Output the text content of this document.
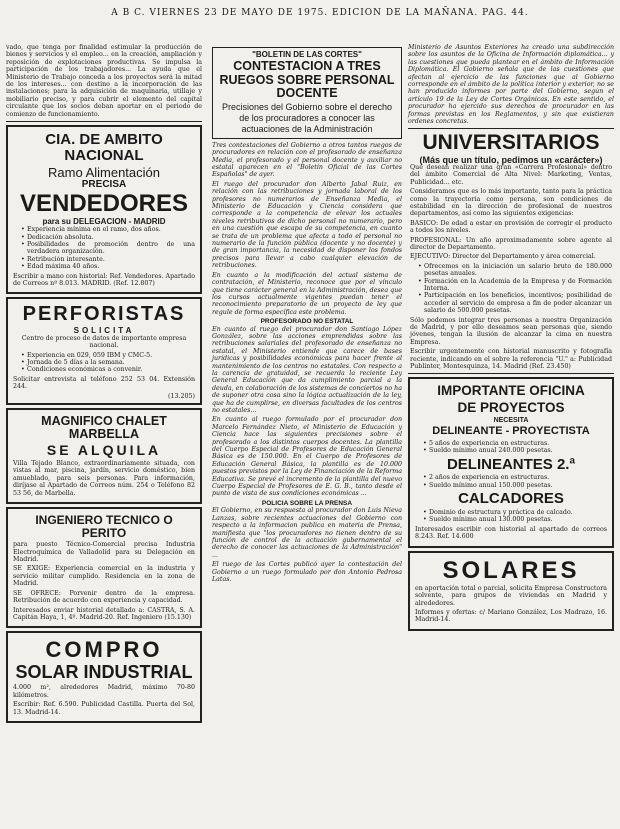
A B C. VIERNES 23 DE MAYO DE 1975. EDICION DE LA MAÑANA. PAG. 44.

vado, que tenga por finalidad estimular la producción de bienes y servicios y el empleo... en la creación, ampliación y reposición de explotaciones productivas. Se impulsa la participación de los trabajadores... La ayuda que el Ministerio de Trabajo conceda a los proyectos será la mitad de los intereses... con destino a la incorporación de las instalaciones; para la adquisición de maquinaria, utillaje y mobiliario preciso, y para cubrir el elemento del capital circulante que los socios deban aportar en el periodo de comienzo de funcionamiento.

CIA. DE AMBITO NACIONAL
Ramo Alimentación
PRECISA
VENDEDORES
para su DELEGACION - MADRID
• Experiencia mínima en el ramo, dos años.
• Dedicación absoluta.
• Posibilidades de promoción dentro de una verdadera organización.
• Retribución interesante.
• Edad máxima 40 años.

Escribir a mano con historial: Ref. Vendedores. Apartado de Correos nº 8.013. MADRID. (Ref. 12.807)

PERFORISTAS
SOLICITA

Centro de proceso de datos de importante empresa nacional.

• Experiencia en 029, 059 IBM y CMC-5.
• Jornada de 5 días a la semana.
• Condiciones económicas a convenir.

Solicitar entrevista al teléfono 252 53 04. Extensión 244.

(13.205)
MAGNIFICO CHALET MARBELLA
SE ALQUILA

Villa Tejado Blanco, extraordinariamente situada, con vistas al mar, piscina, jardín, servicio doméstico, bien amueblado, para seis personas. Para información, diríjase al Apartado de Correos núm. 254 o Teléfono 82 53 56, de Marbella.

INGENIERO TECNICO O PERITO

para puesto Técnico-Comercial precisa Industria Electroquímica de Valladolid para su Delegación en Madrid.

SE EXIGE: Experiencia comercial en la industria y servicio militar cumplido. Residencia en la zona de Madrid.

SE OFRECE: Porvenir dentro de la empresa. Retribución de acuerdo con experiencia y capacidad.

Interesados enviar historial detallado a: CASTRA, S. A. Capitán Haya, 1, 4º. Madrid-20. Ref. Ingeniero (15.130)

COMPRO
SOLAR INDUSTRIAL

4.000 m², alrededores Madrid, máximo 70-80 kilómetros.

Escribir: Ref. 6.590. Publicidad Castilla. Puerta del Sol, 13. Madrid-14.

"BOLETIN DE LAS CORTES"
CONTESTACION A TRES RUEGOS SOBRE PERSONAL DOCENTE
Precisiones del Gobierno sobre el derecho de los procuradores a conocer las actuaciones de la Administración

Tres contestaciones del Gobierno a otros tantos ruegos de procuradores en relación con el profesorado de enseñanza Media, el profesorado y el personal docente y auxiliar no estatal aparecen en el "Boletín Oficial de las Cortes Españolas" de ayer.

El ruego del procurador don Alberto Jabal Ruiz, en relación con las retribuciones y jornada laboral de los profesores no numerarios de Enseñanza Media, el Ministerio de Educación y Ciencia considera que corresponde a la competencia de elevar los actuales niveles retributivos de dicho personal no numerario, pero en una cuestión que escapa de su competencia, en cuanto se trata de un problema que afecta a todo el personal no numerario de la función pública (docente y no docente) y de gran importancia, la necesidad de disponer los fondos precisos para llevar a cabo cualquier elevación de retribuciones.

En cuanto a la modificación del actual sistema de contratación, el Ministerio, reconoce que por el vínculo que tiene carácter general en la Administración, desea que los cursos actualmente vigentes puedan tener el reconocimiento preparatorio de un proyecto de ley que regule de forma específica este problema.

PROFESORADO NO ESTATAL

En cuanto al ruego del procurador don Santiago López González, sobre las acciones emprendidas sobre las retribuciones salariales del profesorado de enseñanza no estatal, el Ministerio entiende que carece de bases jurídicas y posibilidades económicas para hacer frente al mantenimiento de los centros no estatales. Con respecto a la carencia de gratuidad, se recuerda la reciente Ley General Educación que da cumplimiento parcial a la deuda, en colaboración de los sistemas de conciertos no ha de suponer otra cosa sino la lógica actualización de la ley, que ha de cumplirse, en diversas facultades de los centros no estatales...

En cuanto al ruego formulado por el procurador don Marcelo Fernández Nieto, el Ministerio de Educación y Ciencia hace las siguientes precisiones sobre el profesorado a los distintos cuerpos docentes. La plantilla del Cuerpo Especial de Profesores de Educación General Básica es de 150.000. En el Cuerpo de Profesores de Educación General Básica, la plantilla es de 10.000 puestos previstos por la Ley de Financiación de la Reforma Educativa. Se prevé el incremento de la plantilla del nuevo Cuerpo Especial de Profesores de E. G. B., tanto desde el punto de vista de sus condiciones económicas ...

POLICIA SOBRE LA PRENSA

El Gobierno, en su respuesta al procurador don Luis Nieva Lanzas, sobre recientes actuaciones del Gobierno con respecto a la informacion publica en materia de Prensa, manifiesta que "los procuradores no tienen dentro de su función de control de la actuación gubernamental el derecho de conocer las actuaciones de la Administración" ...

El ruego de las Cortes publicó ayer la contestación del Gobierno a un ruego formulado por don Antonio Pedrosa Latas.

Ministerio de Asuntos Exteriores ha creado una subdirección sobre los asuntos de la Oficina de Información diplomática... y las cuestiones que pueda plantear en el ámbito de Información Diplomática. El Gobierno señala que de las cuestiones que afectan al ejercicio de las funciones que al Gobierno corresponde en el ámbito de la política interior y exterior, no se han producido informes por parte del Gobierno, según el artículo 19 de la Ley de Cortes Orgánicas. En este sentido, el procurador ha ejercido sus derechos de procurador en las formas previstas en los Reglamentos, y sin que existieran ordenes concretas.

UNIVERSITARIOS
(Más que un título, pedimos un «carácter»)

Que desean realizar una gran «Carrera Profesional» dentro del ámbito Comercial de Alta Nivel: Marketing, Ventas, Publicidad... etc.

Consideramos que es lo más importante, tanto para la práctica como la trayectoria como persona, son condiciones de estabilidad en la dirección de profesional de nuestros departamentos, así como las siguientes exigencias:

BASICO: De edad a estar en provisión de corregir el producto a todos los niveles.

PROFESIONAL: Un año aproximadamente sobre agente al director de Departamento.

EJECUTIVO: Director del Departamento y área comercial.

• Ofrecemos en la iniciación un salario bruto de 180.000 pesetas anuales.
• Formación en la Academia de la Empresa y de Formación Interna.
• Participación en los beneficios, incentivos; posibilidad de acceder al servicio de empresa a fin de poder alcanzar un salario de 500.000 pesetas.

Sólo podemos integrar tres personas a nuestra Organización de Madrid, y por ello deseamos sean personas que, siendo jóvenes, tengan la ilusión de alcanzar la cima en nuestra Empresa.

Escribir urgentemente con historial manuscrito y fotografía reciente, indicando en el sobre la referencia "U." a: Publicidad Publinter, Montesquinza, 14. Madrid (Ref. 23.450)

IMPORTANTE OFICINA
DE PROYECTOS
NECESITA
DELINEANTE - PROYECTISTA
• 5 años de experiencia en estructuras.
• Sueldo mínimo anual 240.000 pesetas.
DELINEANTES 2.ª
• 2 años de experiencia en estructuras.
• Sueldo mínimo anual 150.000 pesetas.
CALCADORES
• Dominio de estructura y práctica de calcado.
• Sueldo mínimo anual 130.000 pesetas.

Interesados escribir con historial al apartado de correos 8.243. Ref. 14.600

SOLARES

en aportación total o parcial, solicita Empresa Constructora solvente, para grupos de viviendas en Madrid y alrededores.

Informes y ofertas: c/ Mariano González, Los Madrazo, 16. Madrid-14.
